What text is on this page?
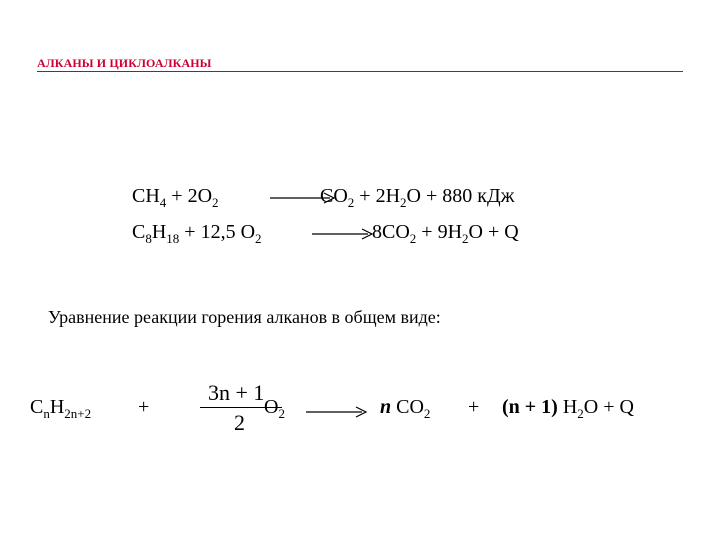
АЛКАНЫ И ЦИКЛОАЛКАНЫ
$CH_4 + 2O_2$	$CO_2 + 2H_2O + 880$ кДж
$C_8H_{18} + 12,5$ $O_2$	$8CO_2 + 9H_2O + Q$
Уравнение реакции горения алканов в общем виде:
$C_nH_{2n+2}$ +
3n + 1
2
$O_2 \to n$ $CO_2 + (n + 1) H_2O + Q$
